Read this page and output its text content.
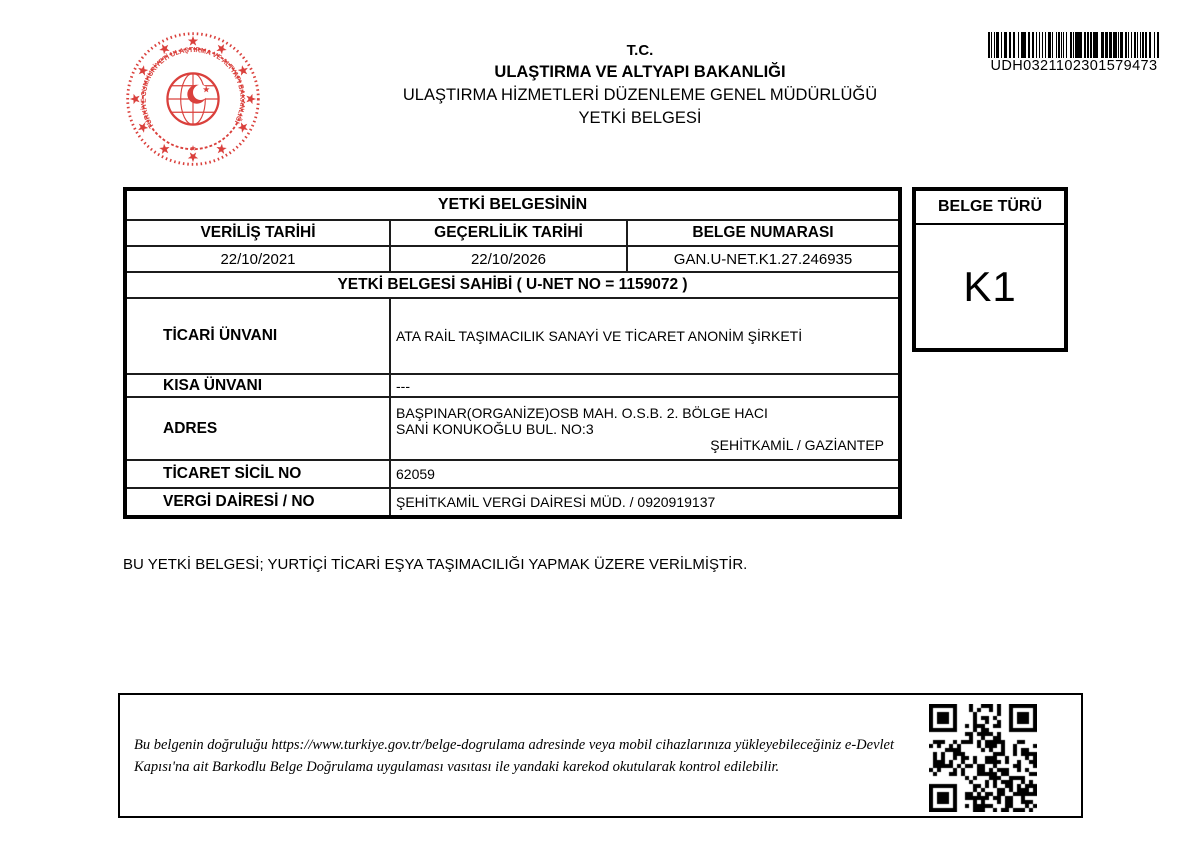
TÜRKİYE CUMHURİYETİ ULAŞTIRMA VE ALTYAPI BAKANLIĞI
T.C.
ULAŞTIRMA VE ALTYAPI BAKANLIĞI
ULAŞTIRMA HİZMETLERİ DÜZENLEME GENEL MÜDÜRLÜĞÜ
YETKİ BELGESİ
UDH0321102301579473
YETKİ BELGESİNİN		
VERİLİŞ TARİHİ	GEÇERLİLİK TARİHİ	BELGE NUMARASI
22/10/2021	22/10/2026	GAN.U-NET.K1.27.246935
YETKİ BELGESİ SAHİBİ ( U-NET NO = 1159072 )		
TİCARİ ÜNVANI	ATA RAİL TAŞIMACILIK SANAYİ VE TİCARET ANONİM ŞİRKETİ	
KISA ÜNVANI	---	
ADRES	BAŞPINAR(ORGANİZE)OSB MAH. O.S.B. 2. BÖLGE HACI
SANİ KONUKOĞLU BUL. NO:3
ŞEHİTKAMİL / GAZİANTEP	

TİCARET SİCİL NO	62059	
VERGİ DAİRESİ / NO	ŞEHİTKAMİL VERGİ DAİRESİ MÜD. / 0920919137	
BELGE TÜRÜ
K1
BU YETKİ BELGESİ; YURTİÇİ TİCARİ EŞYA TAŞIMACILIĞI YAPMAK ÜZERE VERİLMİŞTİR.
Bu belgenin doğruluğu https://www.turkiye.gov.tr/belge-dogrulama adresinde veya mobil cihazlarınıza yükleyebileceğiniz e-Devlet Kapısı'na ait Barkodlu Belge Doğrulama uygulaması vasıtası ile yandaki karekod okutularak kontrol edilebilir.
